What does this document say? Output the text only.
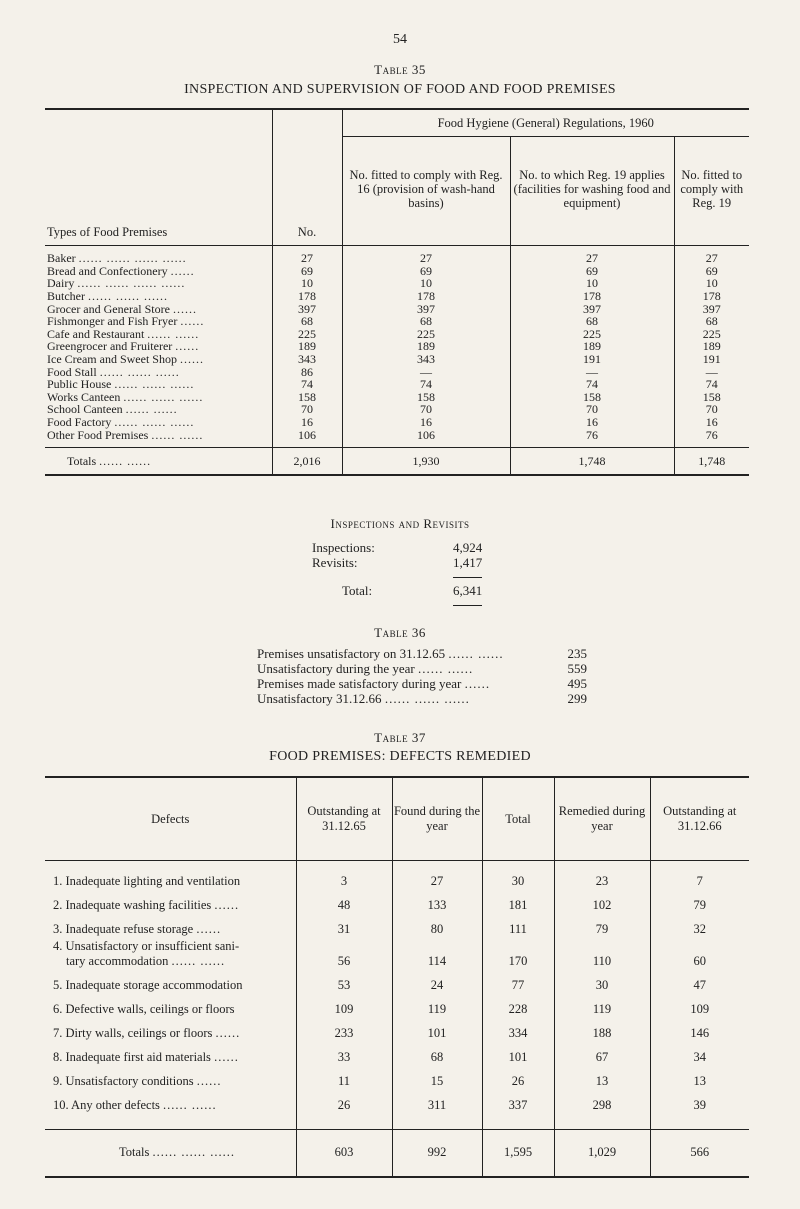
54
Table 35
INSPECTION AND SUPERVISION OF FOOD AND FOOD PREMISES
Types of Food Premises	No.	Food Hygiene (General) Regulations, 1960		
		No. fitted to comply with Reg. 16 (provision of wash-hand basins)	No. to which Reg. 19 applies (facilities for washing food and equipment)	No. fitted to comply with Reg. 19
Baker ...... ...... ...... ......	27	27	27	27
Bread and Confectionery ......	69	69	69	69
Dairy ...... ...... ...... ......	10	10	10	10
Butcher ...... ...... ......	178	178	178	178
Grocer and General Store ......	397	397	397	397
Fishmonger and Fish Fryer ......	68	68	68	68
Cafe and Restaurant ...... ......	225	225	225	225
Greengrocer and Fruiterer ......	189	189	189	189
Ice Cream and Sweet Shop ......	343	343	191	191
Food Stall ...... ...... ......	86	—	—	—
Public House ...... ...... ......	74	74	74	74
Works Canteen ...... ...... ......	158	158	158	158
School Canteen ...... ......	70	70	70	70
Food Factory ...... ...... ......	16	16	16	16
Other Food Premises ...... ......	106	106	76	76
Totals ...... ......	2,016	1,930	1,748	1,748
Inspections and Revisits
Inspections:	4,924
Revisits:	1,417
Total:	6,341
Table 36
Premises unsatisfactory on 31.12.65 ...... ......	235
Unsatisfactory during the year ...... ......	559
Premises made satisfactory during year ......	495
Unsatisfactory 31.12.66 ...... ...... ......	299
Table 37
FOOD PREMISES: DEFECTS REMEDIED
Defects	Outstanding at 31.12.65	Found during the year	Total	Remedied during year	Outstanding at 31.12.66

1. Inadequate lighting and ventilation	3	27	30	23	7
2. Inadequate washing facilities ......	48	133	181	102	79
3. Inadequate refuse storage ......	31	80	111	79	32

4. Unsatisfactory or insufficient sani-
tary accommodation ...... ......	56	114	170	110	60
5. Inadequate storage accommodation	53	24	77	30	47
6. Defective walls, ceilings or floors	109	119	228	119	109
7. Dirty walls, ceilings or floors ......	233	101	334	188	146
8. Inadequate first aid materials ......	33	68	101	67	34
9. Unsatisfactory conditions ......	11	15	26	13	13
10. Any other defects ...... ......	26	311	337	298	39

Totals ...... ...... ......	603	992	1,595	1,029	566
